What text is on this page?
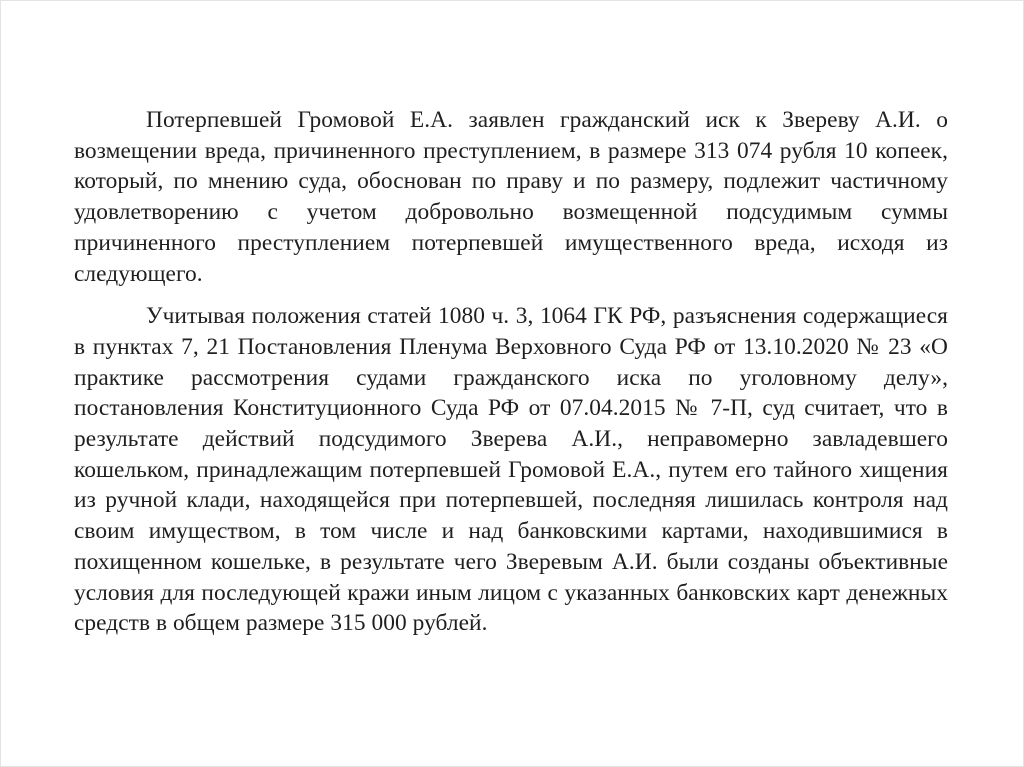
Потерпевшей Громовой Е.А. заявлен гражданский иск к Звереву А.И. о возмещении вреда, причиненного преступлением, в размере 313 074 рубля 10 копеек, который, по мнению суда, обоснован по праву и по размеру, подлежит частичному удовлетворению с учетом добровольно возмещенной подсудимым суммы причиненного преступлением потерпевшей имущественного вреда, исходя из следующего.

Учитывая положения статей 1080 ч. 3, 1064 ГК РФ, разъяснения содержащиеся в пунктах 7, 21 Постановления Пленума Верховного Суда РФ от 13.10.2020 № 23 «О практике рассмотрения судами гражданского иска по уголовному делу», постановления Конституционного Суда РФ от 07.04.2015 № 7-П, суд считает, что в результате действий подсудимого Зверева А.И., неправомерно завладевшего кошельком, принадлежащим потерпевшей Громовой Е.А., путем его тайного хищения из ручной клади, находящейся при потерпевшей, последняя лишилась контроля над своим имуществом, в том числе и над банковскими картами, находившимися в похищенном кошельке, в результате чего Зверевым А.И. были созданы объективные условия для последующей кражи иным лицом с указанных банковских карт денежных средств в общем размере 315 000 рублей.
